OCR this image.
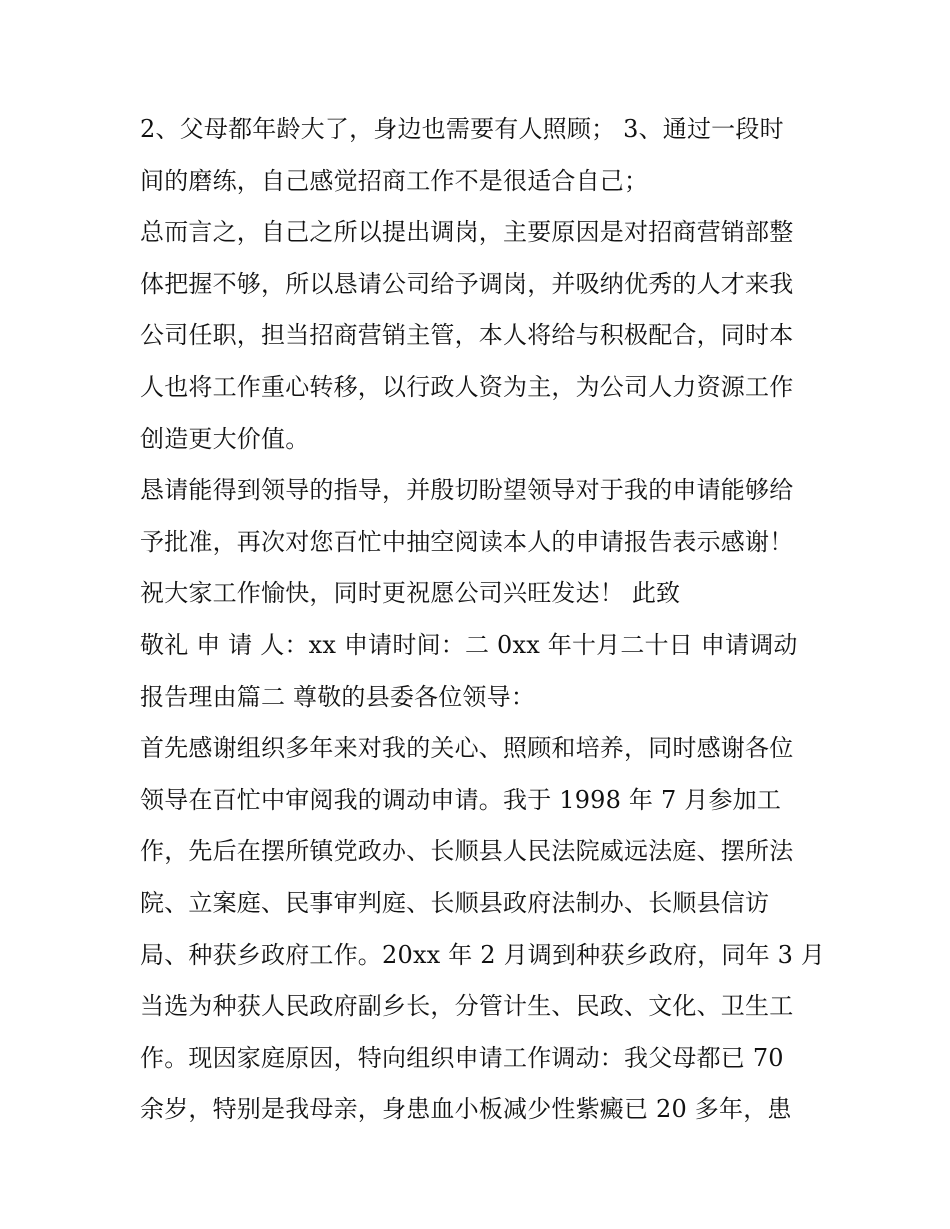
2、父母都年龄大了，身边也需要有人照顾； 3、通过一段时
间的磨练，自己感觉招商工作不是很适合自己；
总而言之，自己之所以提出调岗，主要原因是对招商营销部整
体把握不够，所以恳请公司给予调岗，并吸纳优秀的人才来我
公司任职，担当招商营销主管，本人将给与积极配合，同时本
人也将工作重心转移，以行政人资为主，为公司人力资源工作
创造更大价值。
恳请能得到领导的指导，并殷切盼望领导对于我的申请能够给
予批准，再次对您百忙中抽空阅读本人的申请报告表示感谢！
祝大家工作愉快，同时更祝愿公司兴旺发达！ 此致
敬礼 申 请 人：xx 申请时间：二 0xx 年十月二十日 申请调动
报告理由篇二 尊敬的县委各位领导：
首先感谢组织多年来对我的关心、照顾和培养，同时感谢各位
领导在百忙中审阅我的调动申请。我于 1998 年 7 月参加工
作，先后在摆所镇党政办、长顺县人民法院威远法庭、摆所法
院、立案庭、民事审判庭、长顺县政府法制办、长顺县信访
局、种获乡政府工作。20xx 年 2 月调到种获乡政府，同年 3 月
当选为种获人民政府副乡长，分管计生、民政、文化、卫生工
作。现因家庭原因，特向组织申请工作调动：我父母都已 70
余岁，特别是我母亲，身患血小板减少性紫癜已 20 多年，患
